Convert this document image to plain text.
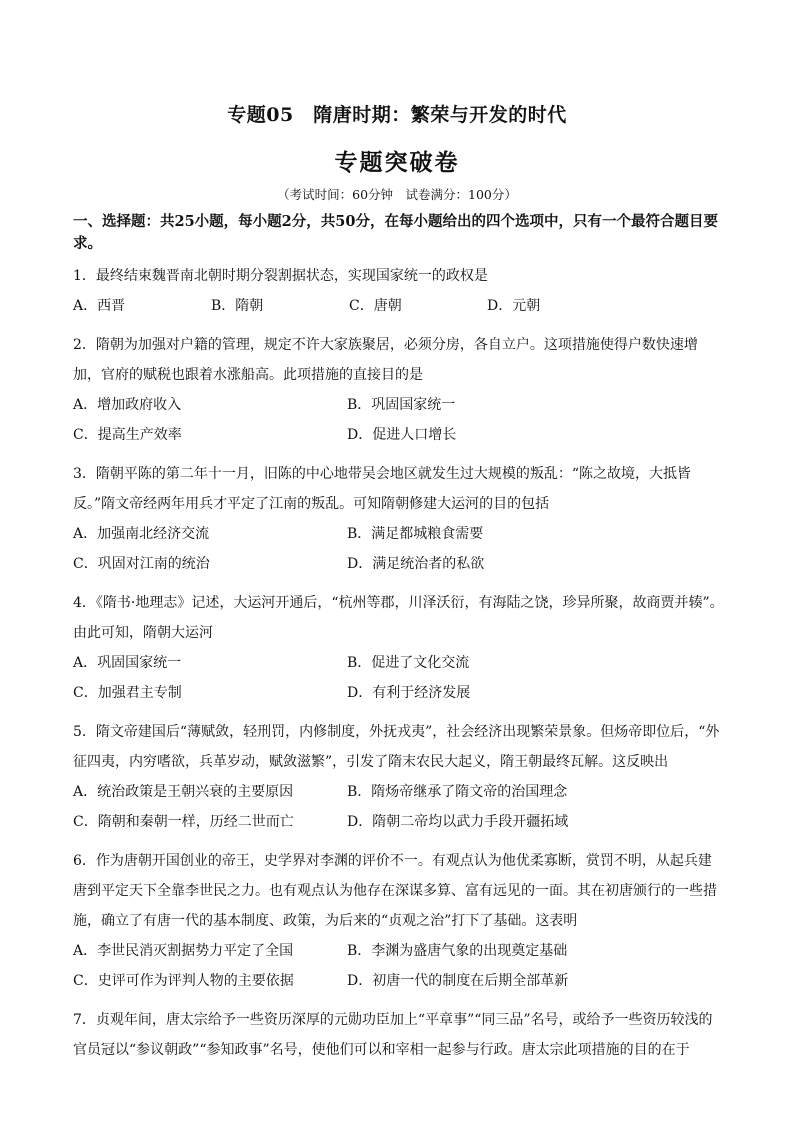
专题05　隋唐时期：繁荣与开发的时代
专题突破卷
（考试时间：60分钟　试卷满分：100分）
一、选择题：共25小题，每小题2分，共50分，在每小题给出的四个选项中，只有一个最符合题目要求。
1．最终结束魏晋南北朝时期分裂割据状态，实现国家统一的政权是
A．西晋	B．隋朝	C．唐朝	D．元朝
2．隋朝为加强对户籍的管理，规定不许大家族聚居，必须分房，各自立户。这项措施使得户数快速增加，官府的赋税也跟着水涨船高。此项措施的直接目的是
A．增加政府收入	B．巩固国家统一
C．提高生产效率	D．促进人口增长
3．隋朝平陈的第二年十一月，旧陈的中心地带吴会地区就发生过大规模的叛乱：“陈之故境，大抵皆反。”隋文帝经两年用兵才平定了江南的叛乱。可知隋朝修建大运河的目的包括
A．加强南北经济交流	B．满足都城粮食需要
C．巩固对江南的统治	D．满足统治者的私欲
4．《隋书·地理志》记述，大运河开通后，“杭州等郡，川泽沃衍，有海陆之饶，珍异所聚，故商贾并辏”。由此可知，隋朝大运河
A．巩固国家统一	B．促进了文化交流
C．加强君主专制	D．有利于经济发展
5．隋文帝建国后“薄赋敛，轻刑罚，内修制度，外抚戎夷”，社会经济出现繁荣景象。但炀帝即位后，“外征四夷，内穷嗜欲，兵革岁动，赋敛滋繁”，引发了隋末农民大起义，隋王朝最终瓦解。这反映出
A．统治政策是王朝兴衰的主要原因	B．隋炀帝继承了隋文帝的治国理念
C．隋朝和秦朝一样，历经二世而亡	D．隋朝二帝均以武力手段开疆拓域
6．作为唐朝开国创业的帝王，史学界对李渊的评价不一。有观点认为他优柔寡断，赏罚不明，从起兵建唐到平定天下全靠李世民之力。也有观点认为他存在深谋多算、富有远见的一面。其在初唐颁行的一些措施，确立了有唐一代的基本制度、政策，为后来的“贞观之治”打下了基础。这表明
A．李世民消灭割据势力平定了全国	B．李渊为盛唐气象的出现奠定基础
C．史评可作为评判人物的主要依据	D．初唐一代的制度在后期全部革新
7．贞观年间，唐太宗给予一些资历深厚的元勋功臣加上“平章事”“同三品”名号，或给予一些资历较浅的官员冠以“参议朝政”“参知政事”名号，使他们可以和宰相一起参与行政。唐太宗此项措施的目的在于
